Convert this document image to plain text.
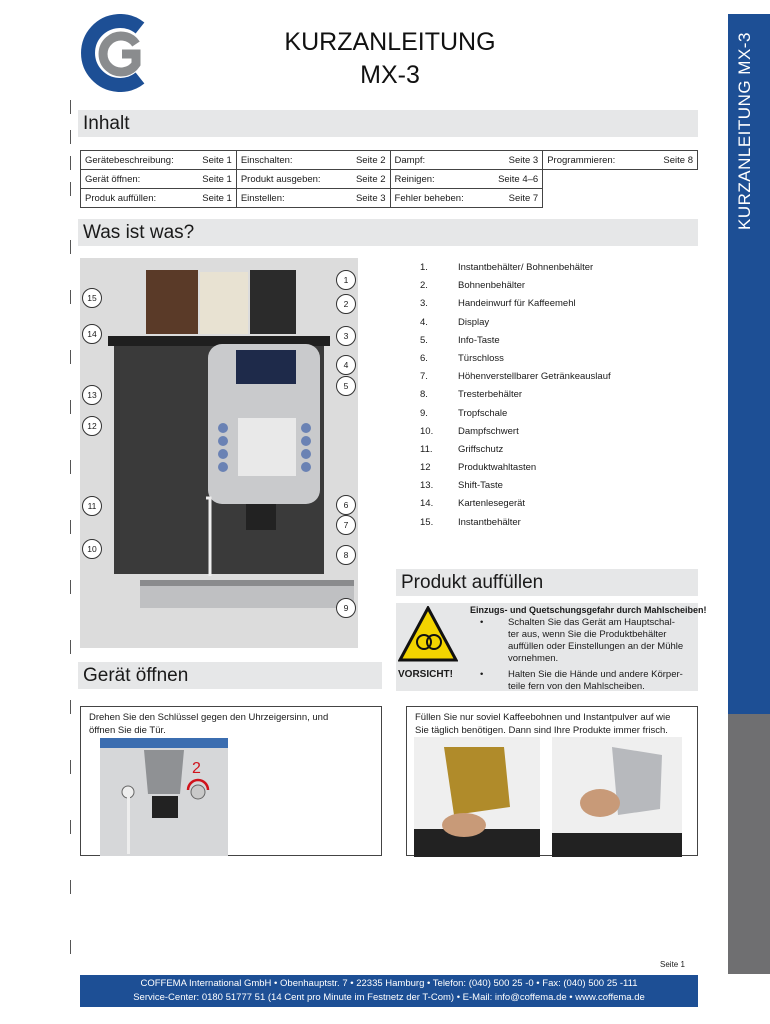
KURZANLEITUNG
MX-3	KURZANLEITUNG MX-3
Inhalt
Gerätebeschreibung: Seite 1	Einschalten: Seite 2	Dampf: Seite 3	Programmieren: Seite 8

Gerät öffnen: Seite 1	Produkt ausgeben: Seite 2	Reinigen: Seite 4–6	

Produk auffüllen: Seite 1	Einstellen: Seite 3	Fehler beheben: Seite 7	

Was ist was?
1
2
3
4
5
6
7
8
9
10
11
12
13
14
15
1.	Instantbehälter/ Bohnenbehälter
2.	Bohnenbehälter
3.	Handeinwurf für Kaffeemehl
4.	Display
5.	Info-Taste
6.	Türschloss
7.	Höhenverstellbarer Getränkeauslauf
8.	Tresterbehälter
9.	Tropfschale
10.	Dampfschwert
11.	Griffschutz
12	Produktwahltasten
13.	Shift-Taste
14.	Kartenlesegerät
15.	Instantbehälter
Produkt auffüllen
Einzugs- und Quetschungsgefahr durch Mahlscheiben!
•	Schalten Sie das Gerät am Hauptschal-
ter aus, wenn Sie die Produktbehälter
auffüllen oder Einstellungen an der Mühle
vornehmen.
•	Halten Sie die Hände und andere Körper-
teile fern von den Mahlscheiben.
VORSICHT!
Füllen Sie nur soviel Kaffeebohnen und Instantpulver auf wie
Sie täglich benötigen. Dann sind Ihre Produkte immer frisch.
Gerät öffnen
Drehen Sie den Schlüssel gegen den Uhrzeigersinn, und
öffnen Sie die Tür.
2
Seite 1
COFFEMA International GmbH • Obenhauptstr. 7 • 22335 Hamburg • Telefon: (040) 500 25 -0 • Fax: (040) 500 25 -111
Service-Center: 0180 51777 51 (14 Cent pro Minute im Festnetz der T-Com) • E-Mail: info@coffema.de • www.coffema.de
